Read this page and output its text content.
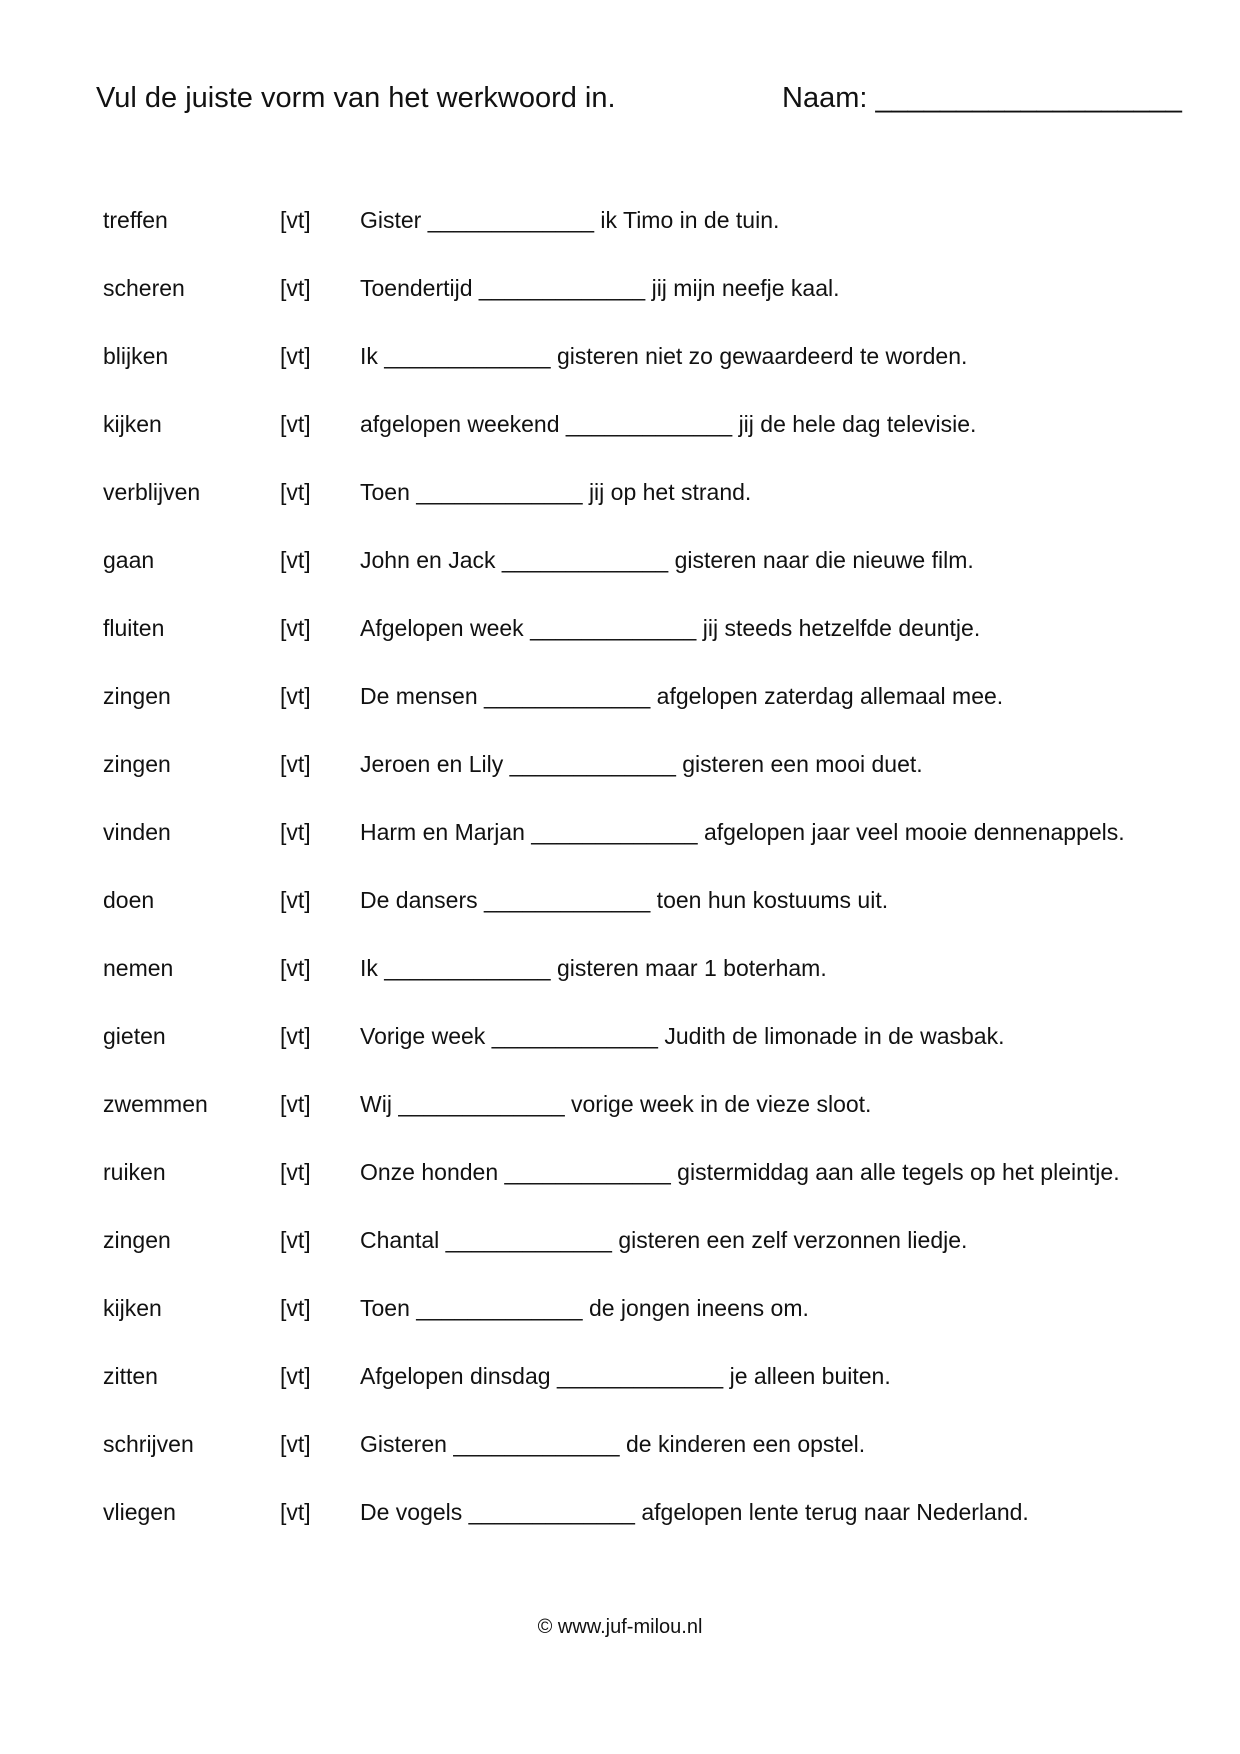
Vul de juiste vorm van het werkwoord in.	Naam: ___________________
treffen	[vt] Gister _____________ ik Timo in de tuin.
scheren	[vt] Toendertijd _____________ jij mijn neefje kaal.
blijken	[vt] Ik _____________ gisteren niet zo gewaardeerd te worden.
kijken	[vt] afgelopen weekend _____________ jij de hele dag televisie.
verblijven	[vt] Toen _____________ jij op het strand.
gaan	[vt] John en Jack _____________ gisteren naar die nieuwe film.
fluiten	[vt] Afgelopen week _____________ jij steeds hetzelfde deuntje.
zingen	[vt] De mensen _____________ afgelopen zaterdag allemaal mee.
zingen	[vt] Jeroen en Lily _____________ gisteren een mooi duet.
vinden	[vt] Harm en Marjan _____________ afgelopen jaar veel mooie dennenappels.
doen	[vt] De dansers _____________ toen hun kostuums uit.
nemen	[vt] Ik _____________ gisteren maar 1 boterham.
gieten	[vt] Vorige week _____________ Judith de limonade in de wasbak.
zwemmen	[vt] Wij _____________ vorige week in de vieze sloot.
ruiken	[vt] Onze honden _____________ gistermiddag aan alle tegels op het pleintje.
zingen	[vt] Chantal _____________ gisteren een zelf verzonnen liedje.
kijken	[vt] Toen _____________ de jongen ineens om.
zitten	[vt] Afgelopen dinsdag _____________ je alleen buiten.
schrijven	[vt] Gisteren _____________ de kinderen een opstel.
vliegen	[vt] De vogels _____________ afgelopen lente terug naar Nederland.
© www.juf-milou.nl
